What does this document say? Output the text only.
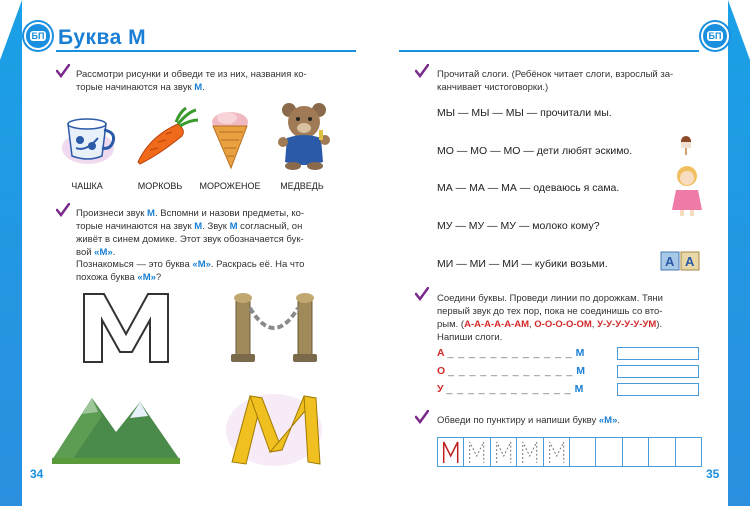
БП Буква М
Рассмотри рисунки и обведи те из них, названия ко-
торые начинаются на звук М.
ЧАШКА	МОРКОВЬ	МОРОЖЕНОЕ	МЕДВЕДЬ
Произнеси звук М. Вспомни и назови предметы, ко-
торые начинаются на звук М. Звук М согласный, он
живёт в синем домике. Этот звук обозначается бук-
вой «М».
Познакомься — это буква «М». Раскрась её. На что
похожа буква «М»?
34
БП
35
Прочитай слоги. (Ребёнок читает слоги, взрослый за-
канчивает чистоговорки.)
МЫ — МЫ — МЫ — прочитали мы.
МО — МО — МО — дети любят эскимо.
МА — МА — МА — одеваюсь я сама.
МУ — МУ — МУ — молоко кому?
МИ — МИ — МИ — кубики возьми.	А А
Соедини буквы. Проведи линии по дорожкам. Тяни
первый звук до тех пор, пока не соединишь со вто-
рым. (А-А-А-А-А-АМ, О-О-О-О-ОМ, У-У-У-У-У-УМ).
Напиши слоги.
А _ _ _ _ _ _ _ _ _ _ _ _ М
О _ _ _ _ _ _ _ _ _ _ _ _ М
У _ _ _ _ _ _ _ _ _ _ _ _ М
Обведи по пунктиру и напиши букву «М».
